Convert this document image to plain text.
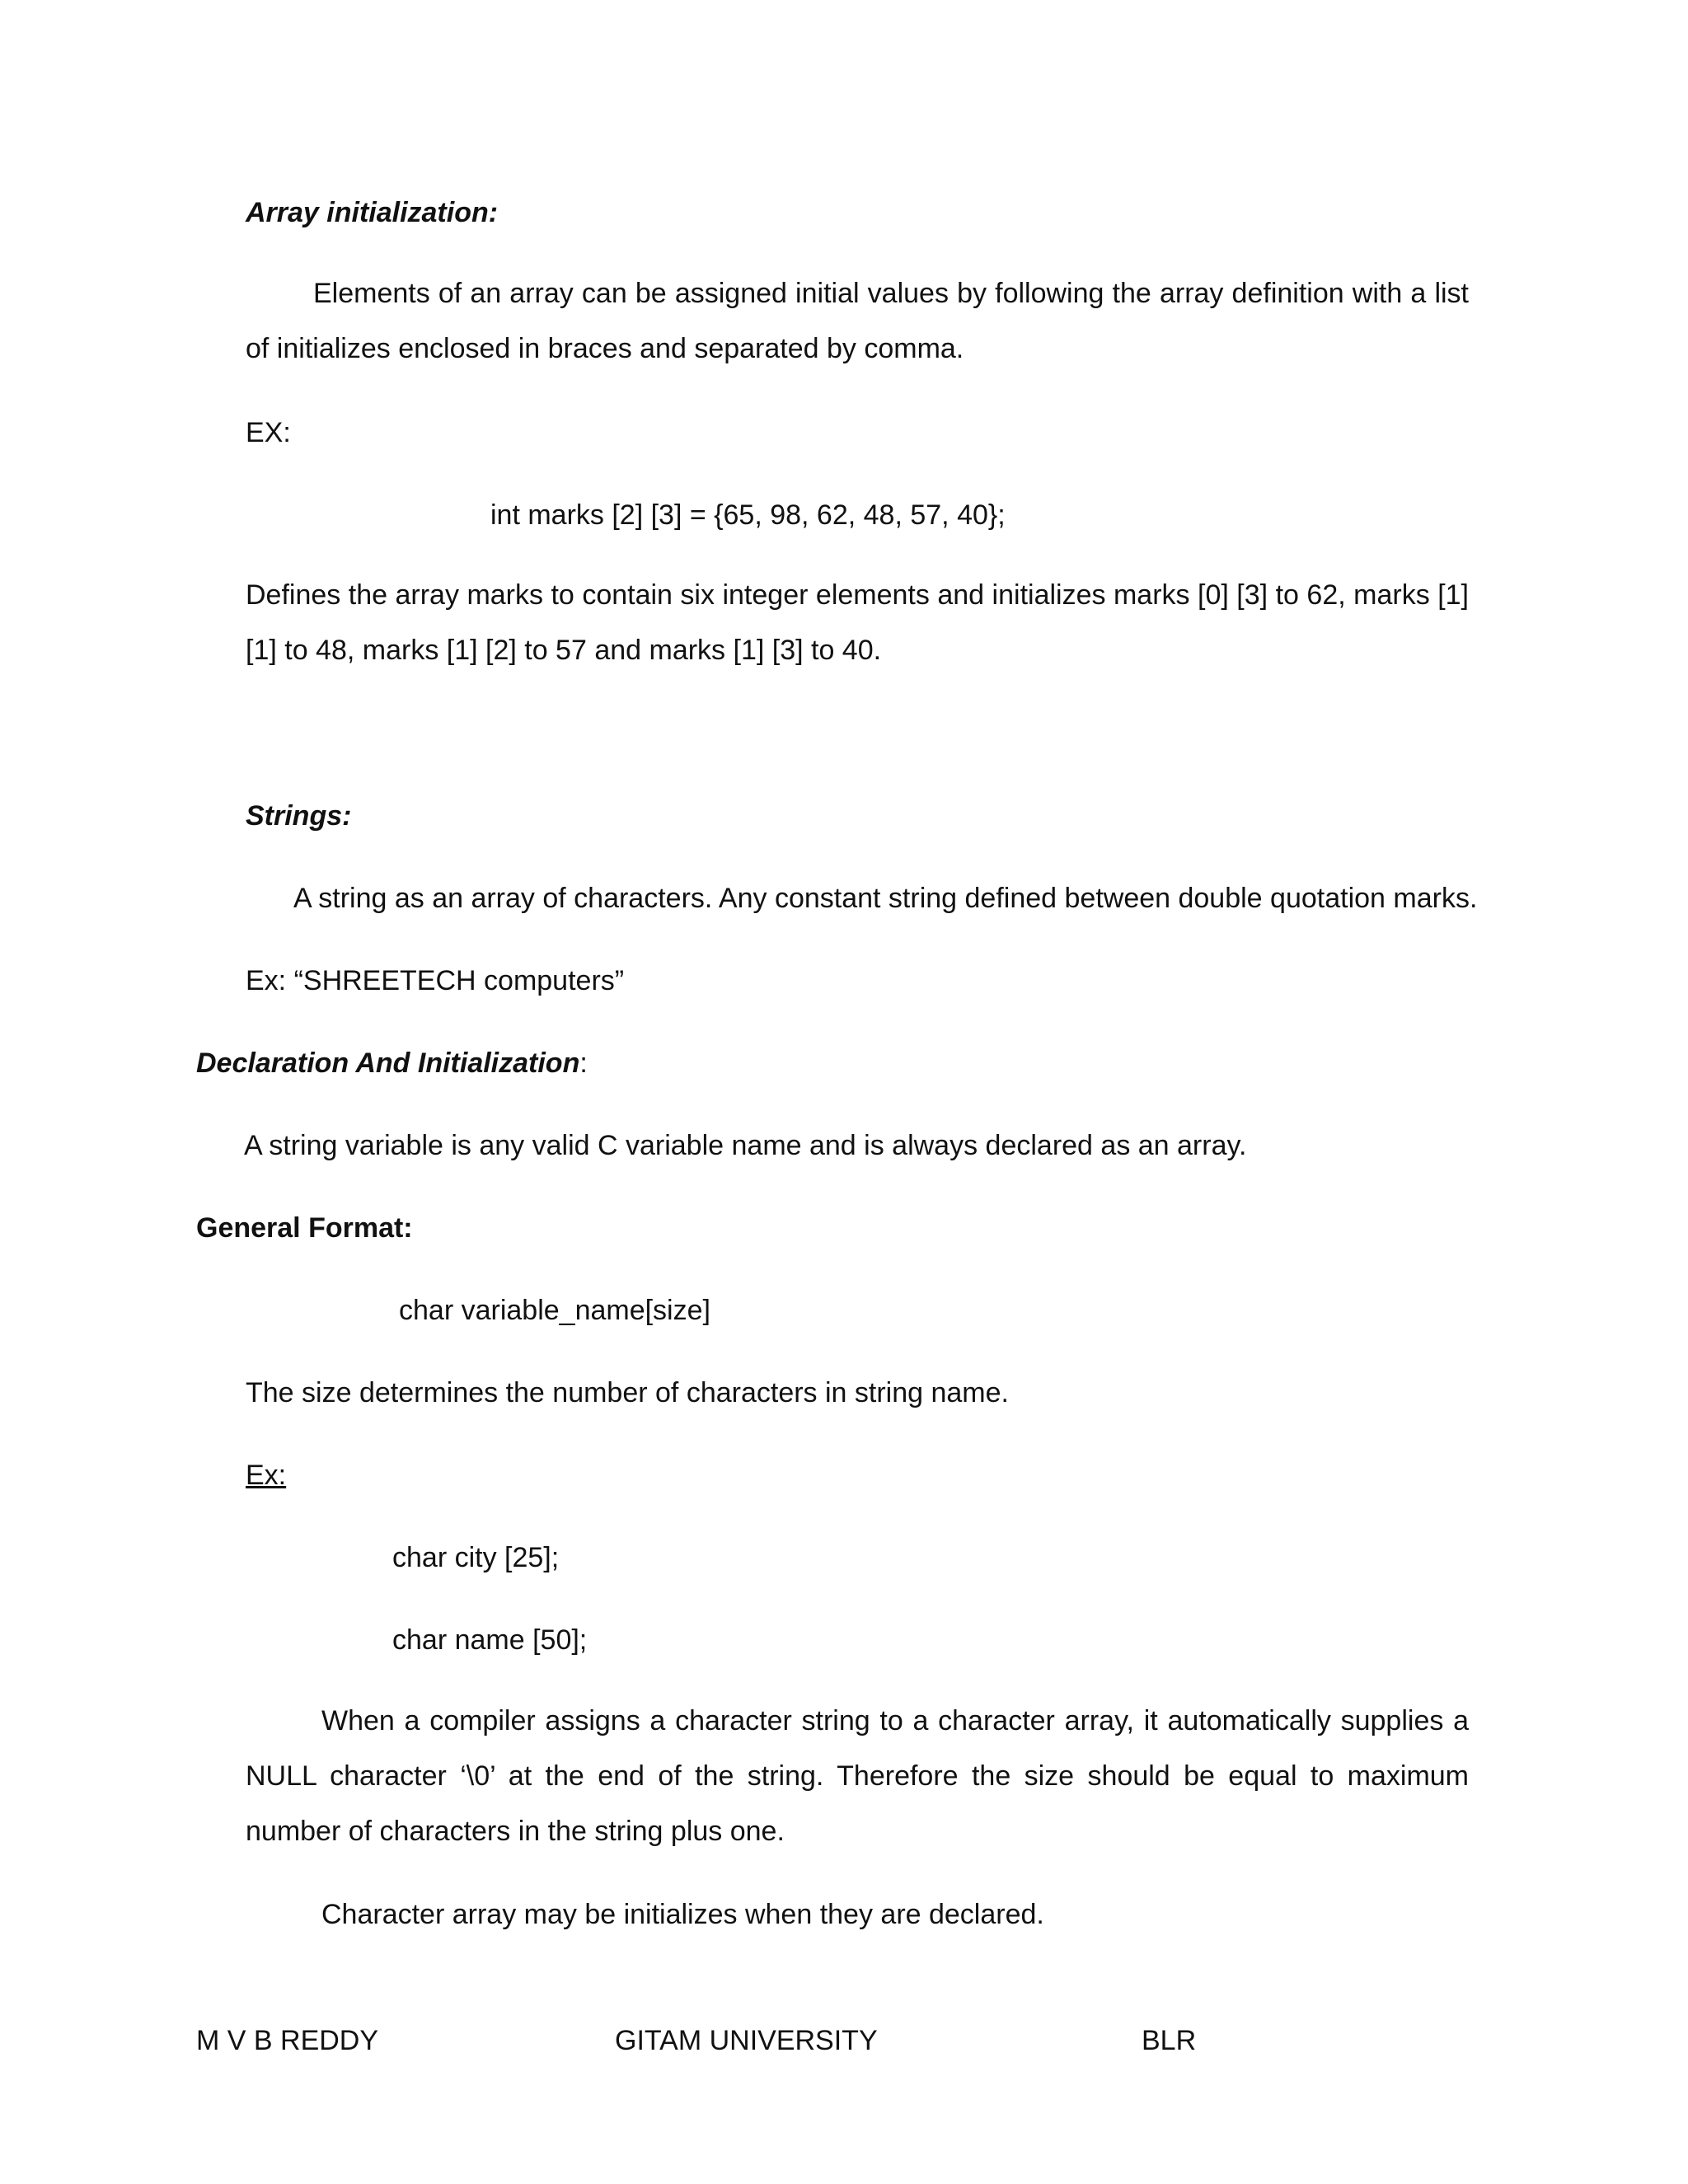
Array initialization:
Elements of an array can be assigned initial values by following the array definition with a list of initializes enclosed in braces and separated by comma.
EX:
int marks [2] [3] = {65, 98, 62, 48, 57, 40};
Defines the array marks to contain six integer elements and initializes marks [0] [3] to 62, marks [1] [1] to 48, marks [1] [2] to 57 and marks [1] [3] to 40.
Strings:
A string as an array of characters. Any constant string defined between double quotation marks.
Ex: “SHREETECH computers”
Declaration And Initialization:
A string variable is any valid C variable name and is always declared as an array.
General Format:
char variable_name[size]
The size determines the number of characters in string name.
Ex:
char city [25];
char name [50];
When a compiler assigns a character string to a character array, it automatically supplies a NULL character ‘\0’ at the end of the string. Therefore the size should be equal to maximum number of characters in the string plus one.
Character array may be initializes when they are declared.
M V B REDDY	GITAM UNIVERSITY	BLR
